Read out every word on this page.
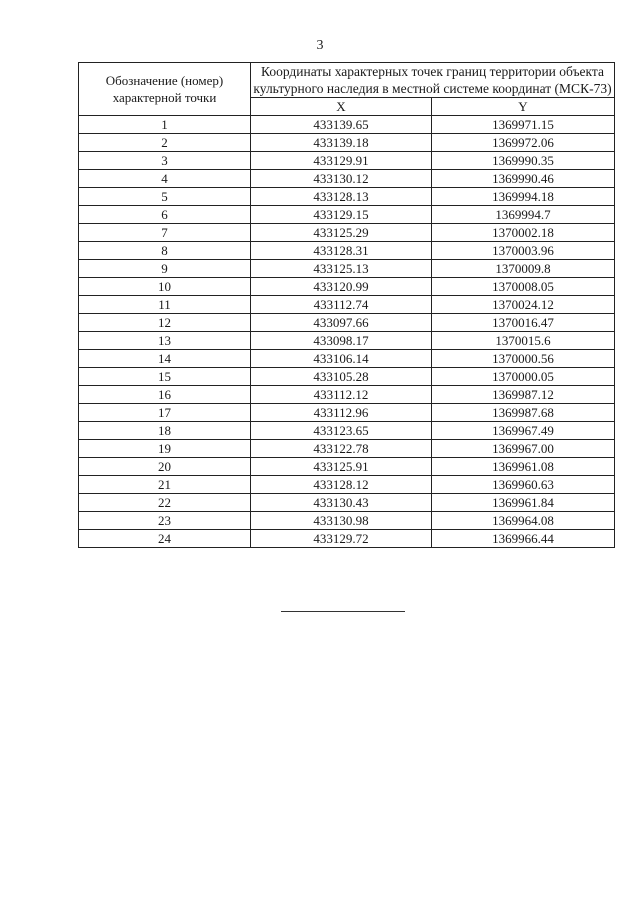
3
Обозначение (номер) характерной точки	Координаты характерных точек границ территории объекта культурного наследия в местной системе координат (МСК-73)	
	X	Y
1	433139.65	1369971.15
2	433139.18	1369972.06
3	433129.91	1369990.35
4	433130.12	1369990.46
5	433128.13	1369994.18
6	433129.15	1369994.7
7	433125.29	1370002.18
8	433128.31	1370003.96
9	433125.13	1370009.8
10	433120.99	1370008.05
11	433112.74	1370024.12
12	433097.66	1370016.47
13	433098.17	1370015.6
14	433106.14	1370000.56
15	433105.28	1370000.05
16	433112.12	1369987.12
17	433112.96	1369987.68
18	433123.65	1369967.49
19	433122.78	1369967.00
20	433125.91	1369961.08
21	433128.12	1369960.63
22	433130.43	1369961.84
23	433130.98	1369964.08
24	433129.72	1369966.44
